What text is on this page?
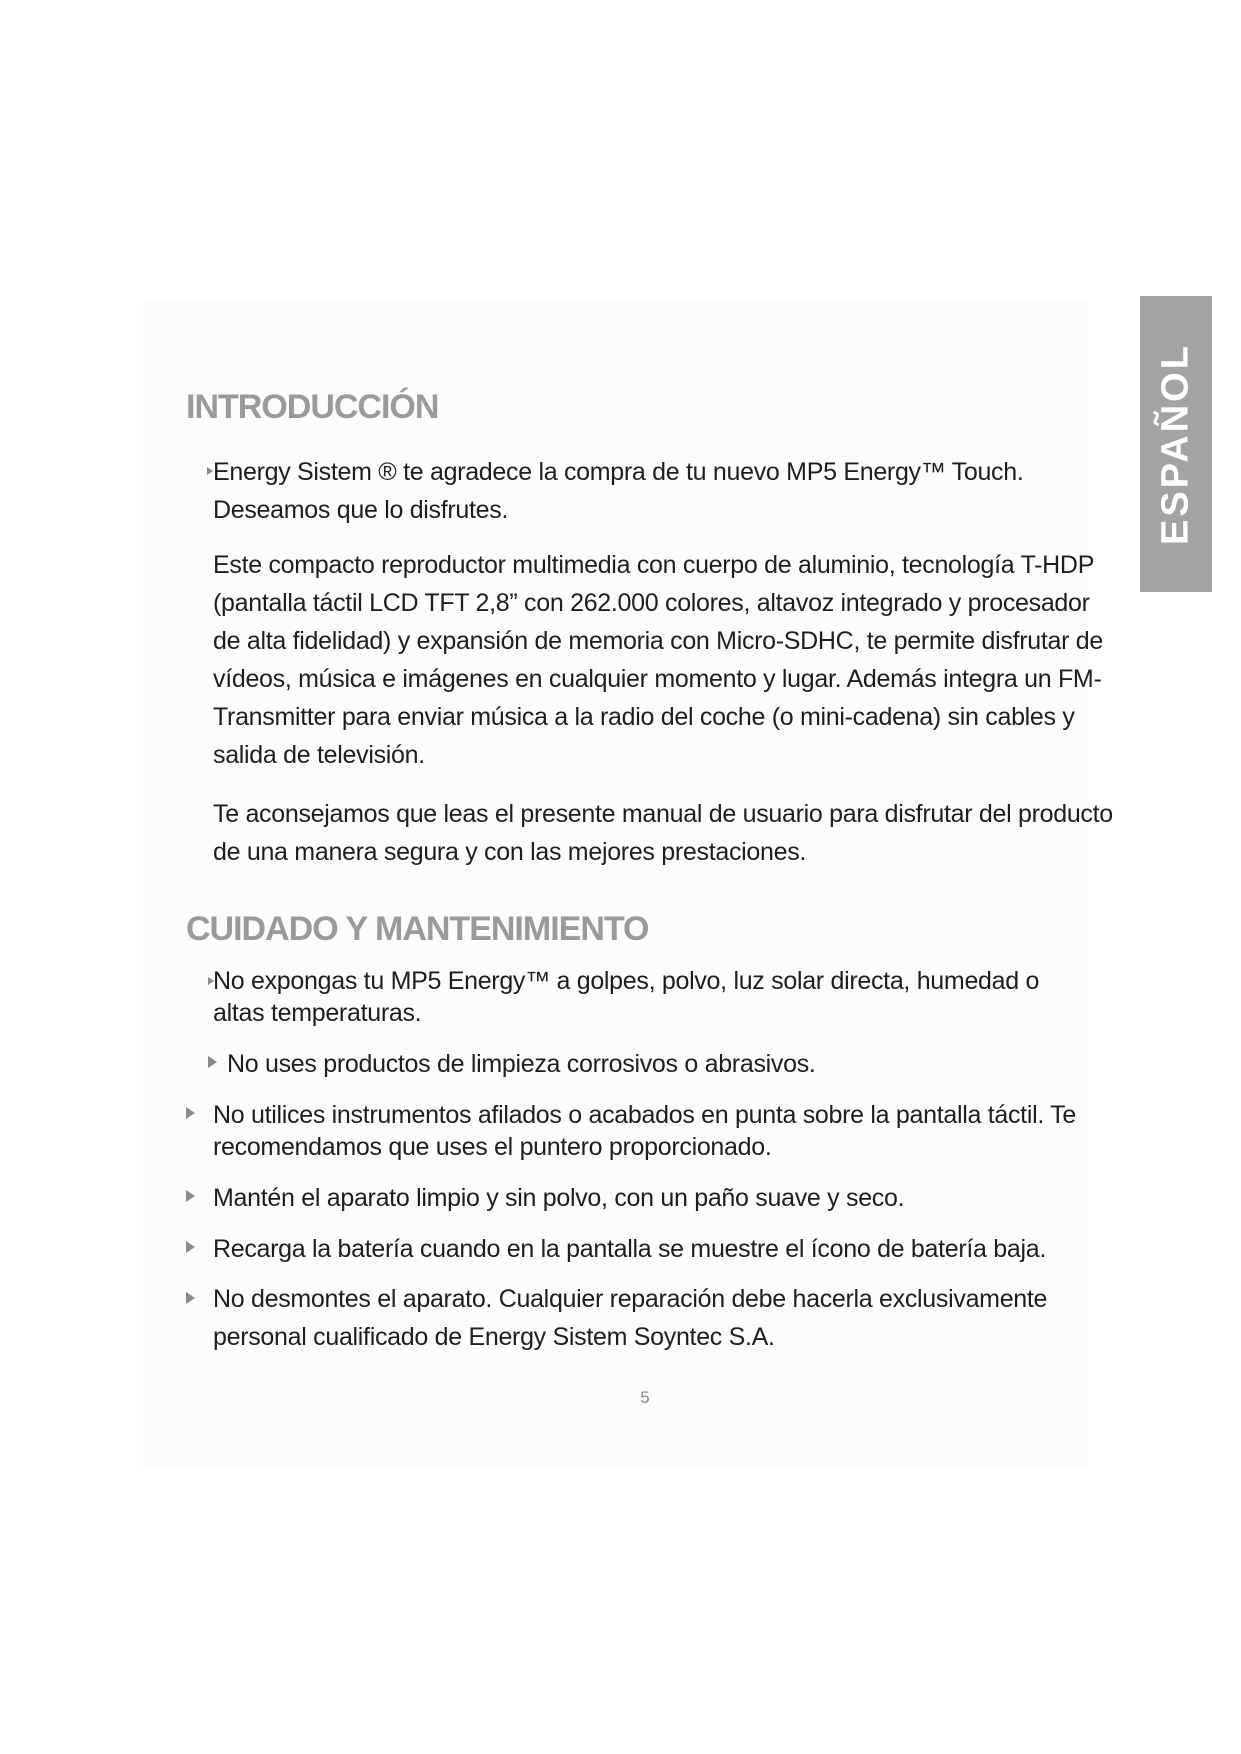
ESPAÑOL
INTRODUCCIÓN

Energy Sistem ® te agradece la compra de tu nuevo MP5 Energy™ Touch. Deseamos que lo disfrutes.

Este compacto reproductor multimedia con cuerpo de aluminio, tecnología T-HDP (pantalla táctil LCD TFT 2,8” con 262.000 colores, altavoz integrado y procesador de alta fidelidad) y expansión de memoria con Micro-SDHC, te permite disfrutar de vídeos, música e imágenes en cualquier momento y lugar. Además integra un FM-Transmitter para enviar música a la radio del coche (o mini-cadena) sin cables y salida de televisión.

Te aconsejamos que leas el presente manual de usuario para disfrutar del producto de una manera segura y con las mejores prestaciones.

CUIDADO Y MANTENIMIENTO
No expongas tu MP5 Energy™ a golpes, polvo, luz solar directa, humedad o altas temperaturas.
No uses productos de limpieza corrosivos o abrasivos.
No utilices instrumentos afilados o acabados en punta sobre la pantalla táctil. Te recomendamos que uses el puntero proporcionado.
Mantén el aparato limpio y sin polvo, con un paño suave y seco.
Recarga la batería cuando en la pantalla se muestre el ícono de batería baja.
No desmontes el aparato. Cualquier reparación debe hacerla exclusivamente personal cualificado de Energy Sistem Soyntec S.A.
5
